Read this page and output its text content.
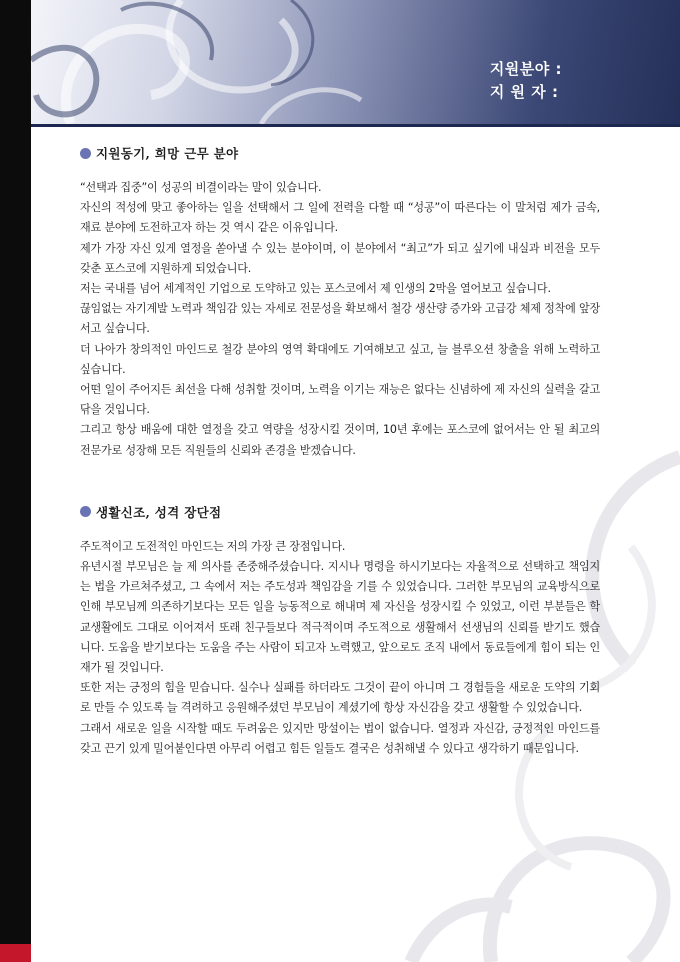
지원분야 :
지 원 자 :
지원동기, 희망 근무 분야

“선택과 집중”이 성공의 비결이라는 말이 있습니다.

자신의 적성에 맞고 좋아하는 일을 선택해서 그 일에 전력을 다할 때 “성공”이 따른다는 이 말처럼 제가 금속, 재료 분야에 도전하고자 하는 것 역시 같은 이유입니다.

제가 가장 자신 있게 열정을 쏟아낼 수 있는 분야이며, 이 분야에서 “최고”가 되고 싶기에 내실과 비전을 모두 갖춘 포스코에 지원하게 되었습니다.

저는 국내를 넘어 세계적인 기업으로 도약하고 있는 포스코에서 제 인생의 2막을 열어보고 싶습니다.

끊임없는 자기계발 노력과 책임감 있는 자세로 전문성을 확보해서 철강 생산량 증가와 고급강 체제 정착에 앞장서고 싶습니다.

더 나아가 창의적인 마인드로 철강 분야의 영역 확대에도 기여해보고 싶고, 늘 블루오션 창출을 위해 노력하고 싶습니다.

어떤 일이 주어지든 최선을 다해 성취할 것이며, 노력을 이기는 재능은 없다는 신념하에 제 자신의 실력을 갈고 닦을 것입니다.

그리고 항상 배움에 대한 열정을 갖고 역량을 성장시킬 것이며, 10년 후에는 포스코에 없어서는 안 될 최고의 전문가로 성장해 모든 직원들의 신뢰와 존경을 받겠습니다.

생활신조, 성격 장단점

주도적이고 도전적인 마인드는 저의 가장 큰 장점입니다.

유년시절 부모님은 늘 제 의사를 존중해주셨습니다. 지시나 명령을 하시기보다는 자율적으로 선택하고 책임지는 법을 가르쳐주셨고, 그 속에서 저는 주도성과 책임감을 기를 수 있었습니다. 그러한 부모님의 교육방식으로 인해 부모님께 의존하기보다는 모든 일을 능동적으로 해내며 제 자신을 성장시킬 수 있었고, 이런 부분들은 학교생활에도 그대로 이어져서 또래 친구들보다 적극적이며 주도적으로 생활해서 선생님의 신뢰를 받기도 했습니다. 도움을 받기보다는 도움을 주는 사람이 되고자 노력했고, 앞으로도 조직 내에서 동료들에게 힘이 되는 인재가 될 것입니다.

또한 저는 긍정의 힘을 믿습니다. 실수나 실패를 하더라도 그것이 끝이 아니며 그 경험들을 새로운 도약의 기회로 만들 수 있도록 늘 격려하고 응원해주셨던 부모님이 계셨기에 항상 자신감을 갖고 생활할 수 있었습니다.

그래서 새로운 일을 시작할 때도 두려움은 있지만 망설이는 법이 없습니다. 열정과 자신감, 긍정적인 마인드를 갖고 끈기 있게 밀어붙인다면 아무리 어렵고 힘든 일들도 결국은 성취해낼 수 있다고 생각하기 때문입니다.
